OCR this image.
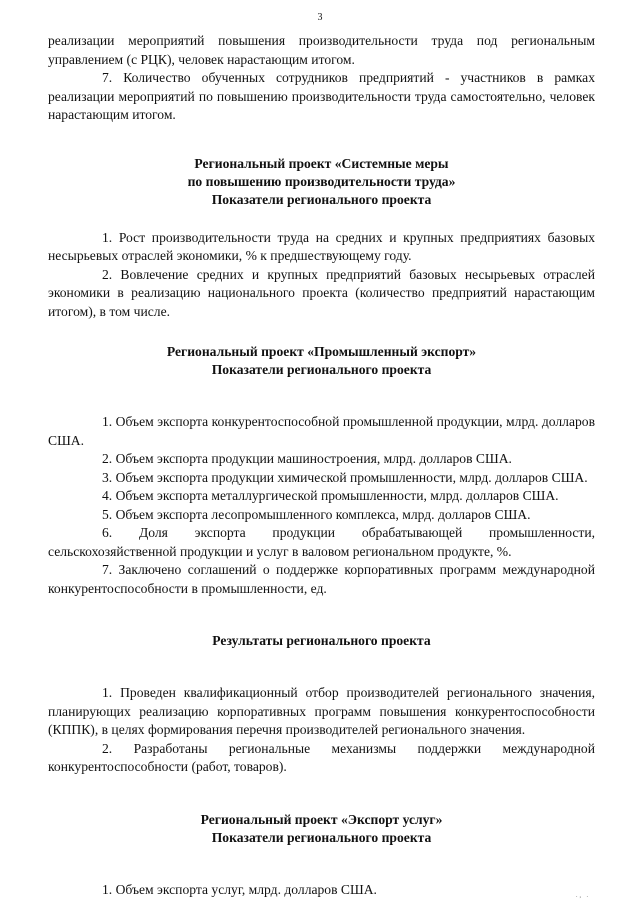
3

реализации мероприятий повышения производительности труда под региональным управлением (с РЦК), человек нарастающим итогом.

7. Количество обученных сотрудников предприятий - участников в рамках реализации мероприятий по повышению производительности труда самостоятельно, человек нарастающим итогом.

Региональный проект «Системные меры
по повышению производительности труда»
Показатели регионального проекта

1. Рост производительности труда на средних и крупных предприятиях базовых несырьевых отраслей экономики, % к предшествующему году.

2. Вовлечение средних и крупных предприятий базовых несырьевых отраслей экономики в реализацию национального проекта (количество предприятий нарастающим итогом), в том числе.

Региональный проект «Промышленный экспорт»
Показатели регионального проекта

1. Объем экспорта конкурентоспособной промышленной продукции, млрд. долларов США.

2. Объем экспорта продукции машиностроения, млрд. долларов США.

3. Объем экспорта продукции химической промышленности, млрд. долларов США.

4. Объем экспорта металлургической промышленности, млрд. долларов США.

5. Объем экспорта лесопромышленного комплекса, млрд. долларов США.

6. Доля экспорта продукции обрабатывающей промышленности, сельскохозяйственной продукции и услуг в валовом региональном продукте, %.

7. Заключено соглашений о поддержке корпоративных программ международной конкурентоспособности в промышленности, ед.

Результаты регионального проекта

1. Проведен квалификационный отбор производителей регионального значения, планирующих реализацию корпоративных программ повышения конкурентоспособности (КППК), в целях формирования перечня производителей регионального значения.

2. Разработаны региональные механизмы поддержки международной конкурентоспособности (работ, товаров).

Региональный проект «Экспорт услуг»
Показатели регионального проекта

1. Объем экспорта услуг, млрд. долларов США.	., .
